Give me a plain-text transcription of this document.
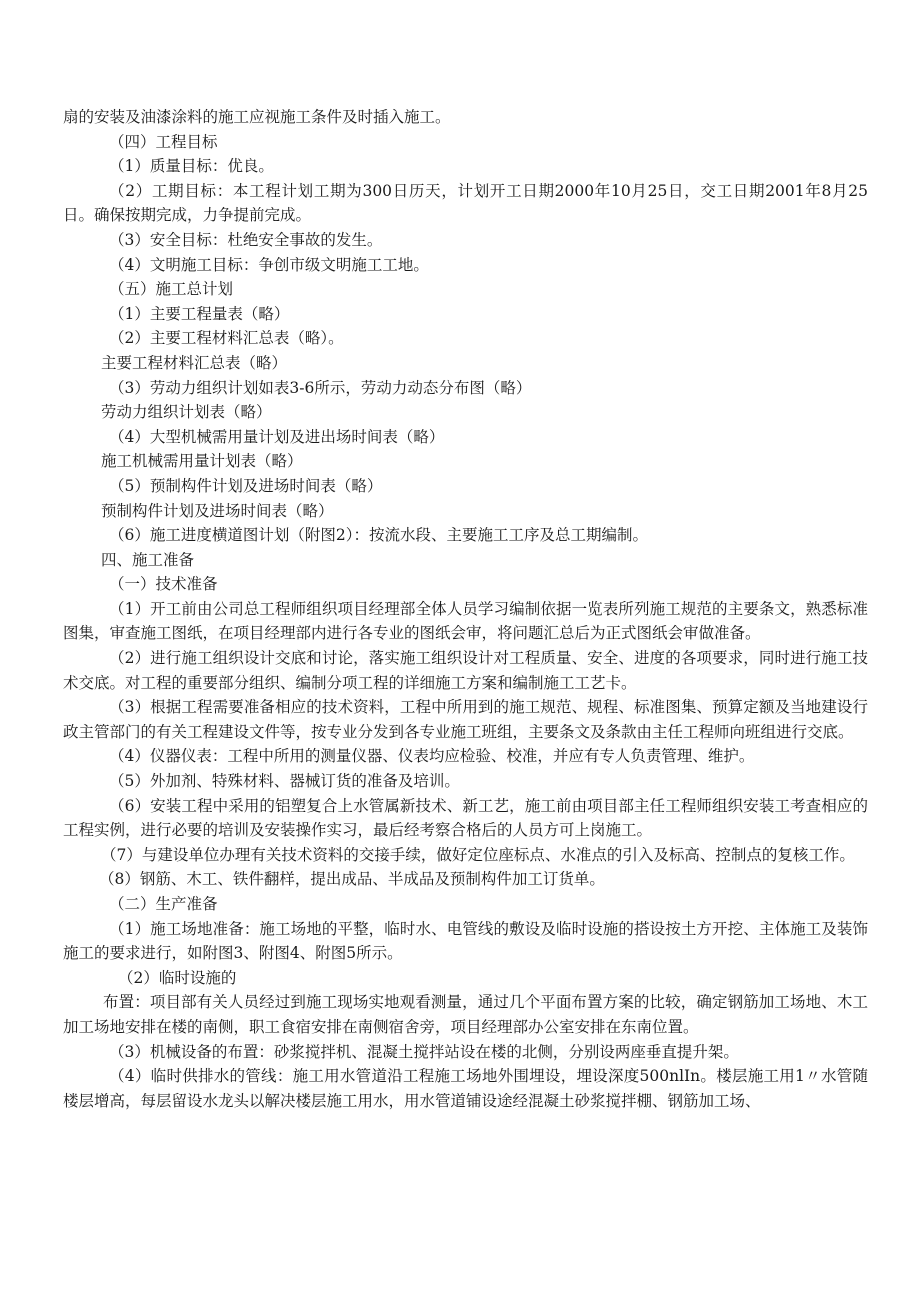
扇的安装及油漆涂料的施工应视施工条件及时插入施工。
（四）工程目标
（1）质量目标：优良。
（2）工期目标：本工程计划工期为300日历天，计划开工日期2000年10月25日，交工日期2001年8月25日。确保按期完成，力争提前完成。
（3）安全目标：杜绝安全事故的发生。
（4）文明施工目标：争创市级文明施工工地。
（五）施工总计划
（1）主要工程量表（略）
（2）主要工程材料汇总表（略）。
主要工程材料汇总表（略）
（3）劳动力组织计划如表3-6所示，劳动力动态分布图（略）
劳动力组织计划表（略）
（4）大型机械需用量计划及进出场时间表（略）
施工机械需用量计划表（略）
（5）预制构件计划及进场时间表（略）
预制构件计划及进场时间表（略）
（6）施工进度横道图计划（附图2）：按流水段、主要施工工序及总工期编制。
四、施工准备
（一）技术准备
（1）开工前由公司总工程师组织项目经理部全体人员学习编制依据一览表所列施工规范的主要条文，熟悉标准图集，审查施工图纸，在项目经理部内进行各专业的图纸会审，将问题汇总后为正式图纸会审做准备。
（2）进行施工组织设计交底和讨论，落实施工组织设计对工程质量、安全、进度的各项要求，同时进行施工技术交底。对工程的重要部分组织、编制分项工程的详细施工方案和编制施工工艺卡。
（3）根据工程需要准备相应的技术资料，工程中所用到的施工规范、规程、标准图集、预算定额及当地建设行政主管部门的有关工程建设文件等，按专业分发到各专业施工班组，主要条文及条款由主任工程师向班组进行交底。
（4）仪器仪表：工程中所用的测量仪器、仪表均应检验、校准，并应有专人负责管理、维护。
（5）外加剂、特殊材料、器械订货的准备及培训。
（6）安装工程中采用的铝塑复合上水管属新技术、新工艺，施工前由项目部主任工程师组织安装工考查相应的工程实例，进行必要的培训及安装操作实习，最后经考察合格后的人员方可上岗施工。
（7）与建设单位办理有关技术资料的交接手续，做好定位座标点、水准点的引入及标高、控制点的复核工作。
（8）钢筋、木工、铁件翻样，提出成品、半成品及预制构件加工订货单。
（二）生产准备
（1）施工场地准备：施工场地的平整，临时水、电管线的敷设及临时设施的搭设按土方开挖、主体施工及装饰施工的要求进行，如附图3、附图4、附图5所示。
（2）临时设施的
布置：项目部有关人员经过到施工现场实地观看测量，通过几个平面布置方案的比较，确定钢筋加工场地、木工加工场地安排在楼的南侧，职工食宿安排在南侧宿舍旁，项目经理部办公室安排在东南位置。
（3）机械设备的布置：砂浆搅拌机、混凝土搅拌站设在楼的北侧，分别设两座垂直提升架。
（4）临时供排水的管线：施工用水管道沿工程施工场地外围埋设，埋设深度500nlIn。楼层施工用1〃水管随楼层增高，每层留设水龙头以解决楼层施工用水，用水管道铺设途经混凝土砂浆搅拌棚、钢筋加工场、
